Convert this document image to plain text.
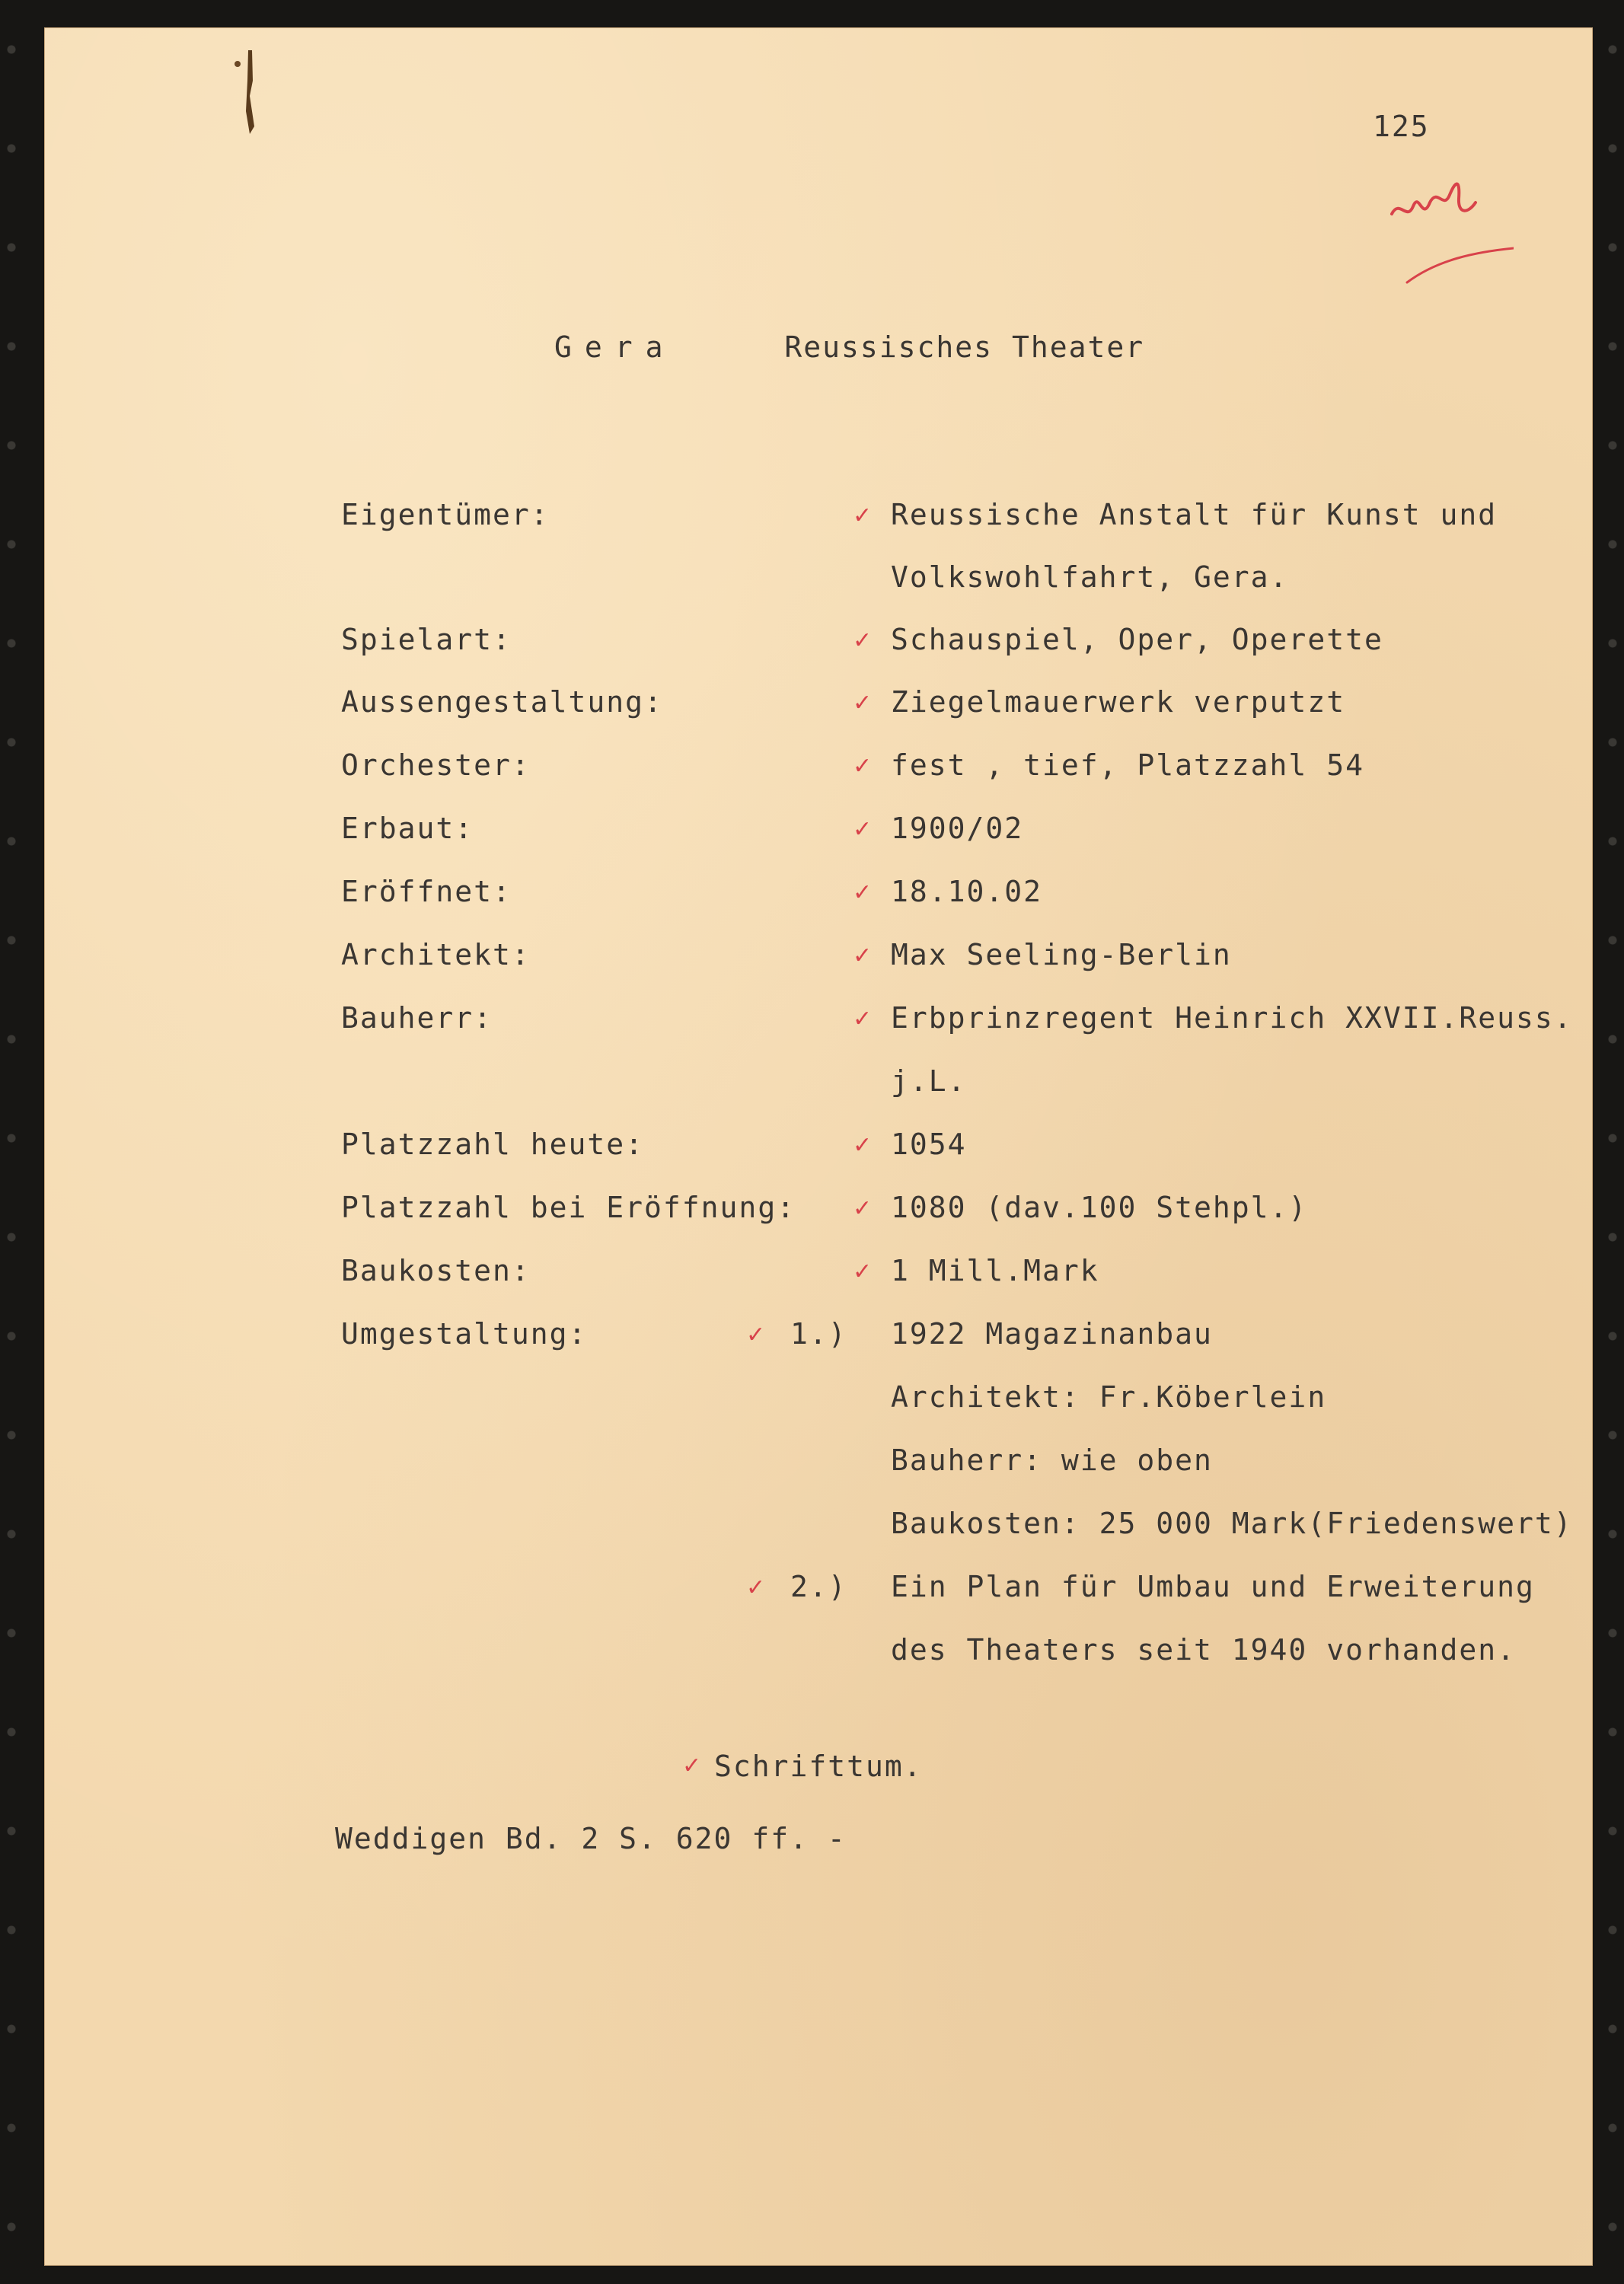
125
Gera	Reussisches Theater
Eigentümer:	✓ Reussische Anstalt für Kunst und
Volkswohlfahrt, Gera.
Spielart:	✓ Schauspiel, Oper, Operette
Aussengestaltung:	✓ Ziegelmauerwerk verputzt
Orchester:	✓ fest , tief, Platzzahl 54
Erbaut:	✓ 1900/02
Eröffnet:	✓ 18.10.02
Architekt:	✓ Max Seeling-Berlin
Bauherr:	✓ Erbprinzregent Heinrich XXVII.Reuss.
j.L.
Platzzahl heute:	✓ 1054
Platzzahl bei Eröffnung: ✓ 1080 (dav.100 Stehpl.)
Baukosten:	✓ 1 Mill.Mark
Umgestaltung:	✓ 1.) 1922 Magazinanbau
Architekt: Fr.Köberlein
Bauherr: wie oben
Baukosten: 25 000 Mark(Friedenswert)
✓ 2.) Ein Plan für Umbau und Erweiterung
des Theaters seit 1940 vorhanden.
✓ Schrifttum.
Weddigen Bd. 2 S. 620 ff. -
